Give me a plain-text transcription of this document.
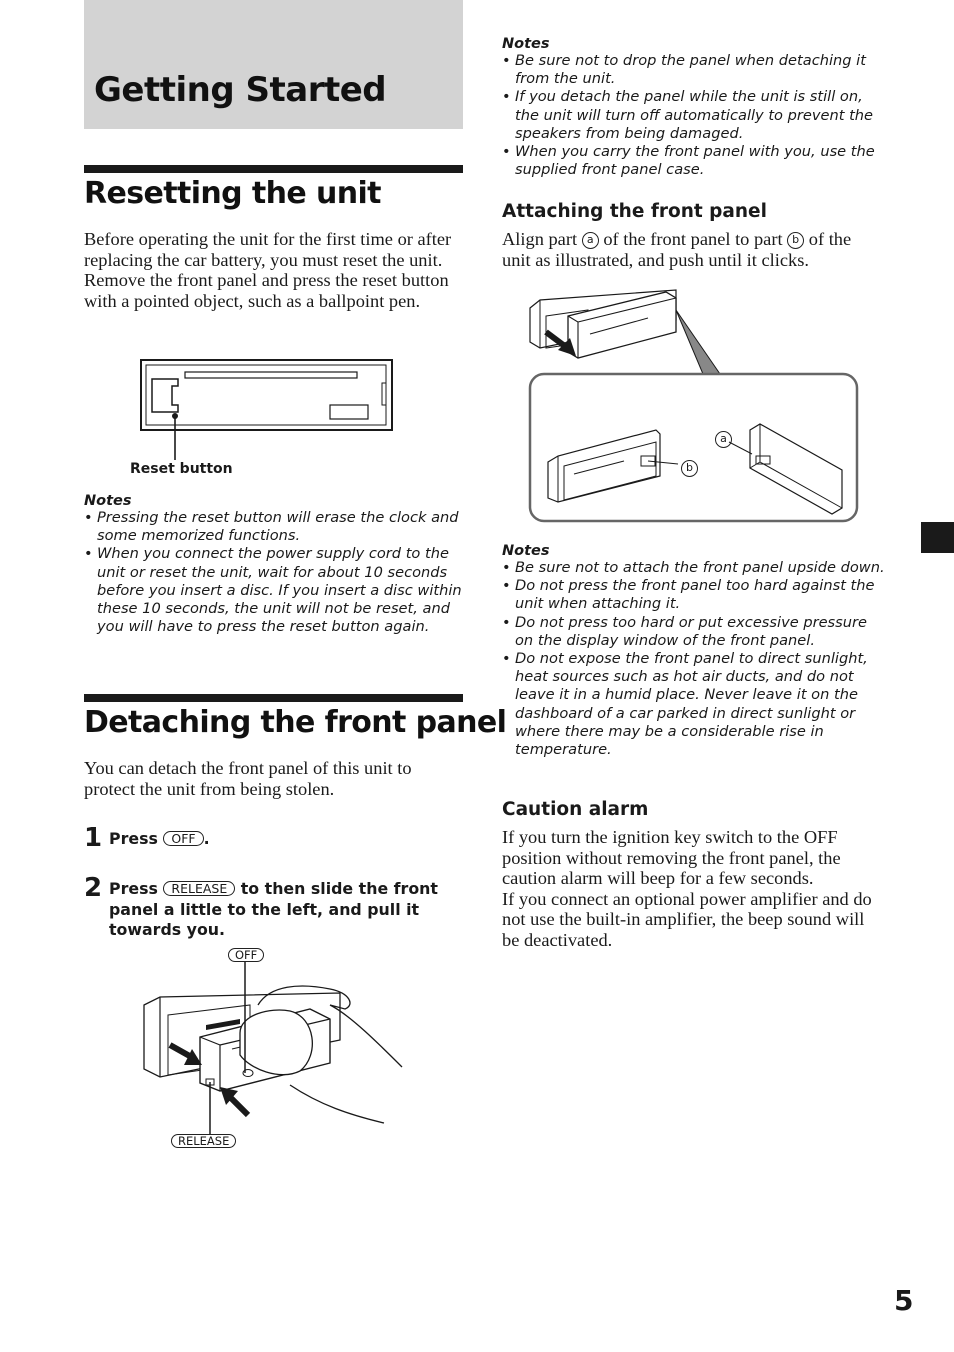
Getting Started
Resetting the unit

Before operating the unit for the first time or after replacing the car battery, you must reset the unit.

Remove the front panel and press the reset button with a pointed object, such as a ballpoint pen.

Reset button

Notes

• Pressing the reset button will erase the clock and some memorized functions.
• When you connect the power supply cord to the unit or reset the unit, wait for about 10 seconds before you insert a disc. If you insert a disc within these 10 seconds, the unit will not be reset, and you will have to press the reset button again.
Detaching the front panel

You can detach the front panel of this unit to protect the unit from being stolen.

1 Press OFF .
2 Press RELEASE to then slide the front panel a little to the left, and pull it towards you.
OFF
RELEASE

Notes

• Be sure not to drop the panel when detaching it from the unit.
• If you detach the panel while the unit is still on, the unit will turn off automatically to prevent the speakers from being damaged.
• When you carry the front panel with you, use the supplied front panel case.
Attaching the front panel

Align part a of the front panel to part b of the unit as illustrated, and push until it clicks.

a
b

Notes

• Be sure not to attach the front panel upside down.
• Do not press the front panel too hard against the unit when attaching it.
• Do not press too hard or put excessive pressure on the display window of the front panel.
• Do not expose the front panel to direct sunlight, heat sources such as hot air ducts, and do not leave it in a humid place. Never leave it on the dashboard of a car parked in direct sunlight or where there may be a considerable rise in temperature.
Caution alarm

If you turn the ignition key switch to the OFF position without removing the front panel, the caution alarm will beep for a few seconds.

If you connect an optional power amplifier and do not use the built-in amplifier, the beep sound will be deactivated.

5
